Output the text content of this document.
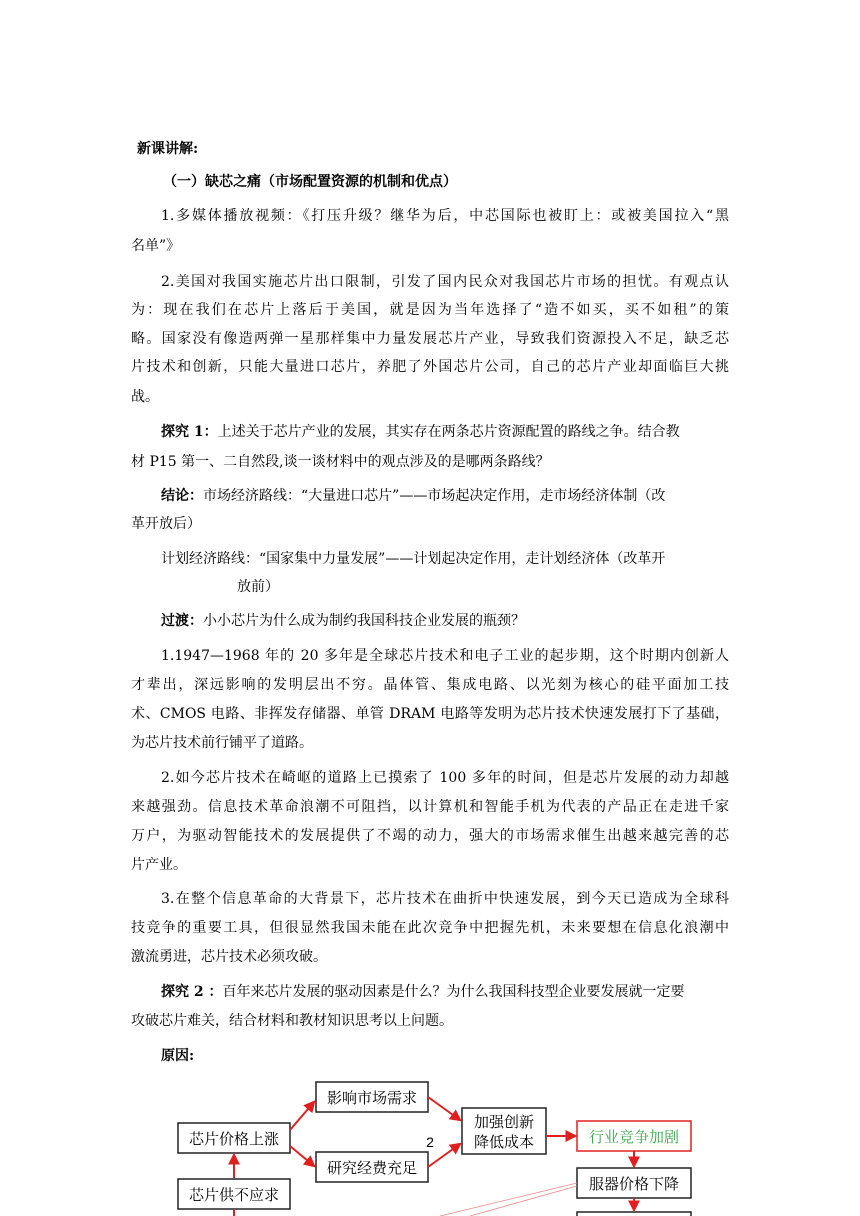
新课讲解:
（一）缺芯之痛（市场配置资源的机制和优点）
1.多媒体播放视频：《打压升级？继华为后，中芯国际也被盯上：或被美国拉入“黑
名单”》
2.美国对我国实施芯片出口限制，引发了国内民众对我国芯片市场的担忧。有观点认
为：现在我们在芯片上落后于美国，就是因为当年选择了“造不如买，买不如租”的策
略。国家没有像造两弹一星那样集中力量发展芯片产业，导致我们资源投入不足，缺乏芯
片技术和创新，只能大量进口芯片，养肥了外国芯片公司，自己的芯片产业却面临巨大挑
战。
探究 1：上述关于芯片产业的发展，其实存在两条芯片资源配置的路线之争。结合教
材 P15 第一、二自然段,谈一谈材料中的观点涉及的是哪两条路线？
结论：市场经济路线：“大量进口芯片”——市场起决定作用，走市场经济体制（改
革开放后）
计划经济路线：“国家集中力量发展”——计划起决定作用，走计划经济体（改革开
放前）
过渡：小小芯片为什么成为制约我国科技企业发展的瓶颈？
1.1947—1968 年的 20 多年是全球芯片技术和电子工业的起步期，这个时期内创新人
才辈出，深远影响的发明层出不穷。晶体管、集成电路、以光刻为核心的硅平面加工技
术、CMOS 电路、非挥发存储器、单管 DRAM 电路等发明为芯片技术快速发展打下了基础，
为芯片技术前行铺平了道路。
2.如今芯片技术在崎岖的道路上已摸索了 100 多年的时间，但是芯片发展的动力却越
来越强劲。信息技术革命浪潮不可阻挡，以计算机和智能手机为代表的产品正在走进千家
万户，为驱动智能技术的发展提供了不竭的动力，强大的市场需求催生出越来越完善的芯
片产业。
3.在整个信息革命的大背景下，芯片技术在曲折中快速发展，到今天已造成为全球科
技竞争的重要工具，但很显然我国未能在此次竞争中把握先机，未来要想在信息化浪潮中
激流勇进，芯片技术必须攻破。
探究 2 ：百年来芯片发展的驱动因素是什么？为什么我国科技型企业要发展就一定要
攻破芯片难关，结合材料和教材知识思考以上问题。
原因:
影响市场需求
芯片价格上涨
研究经费充足
加强创新
降低成本
2	行业竞争加剧
服器价格下降
芯片供不应求
